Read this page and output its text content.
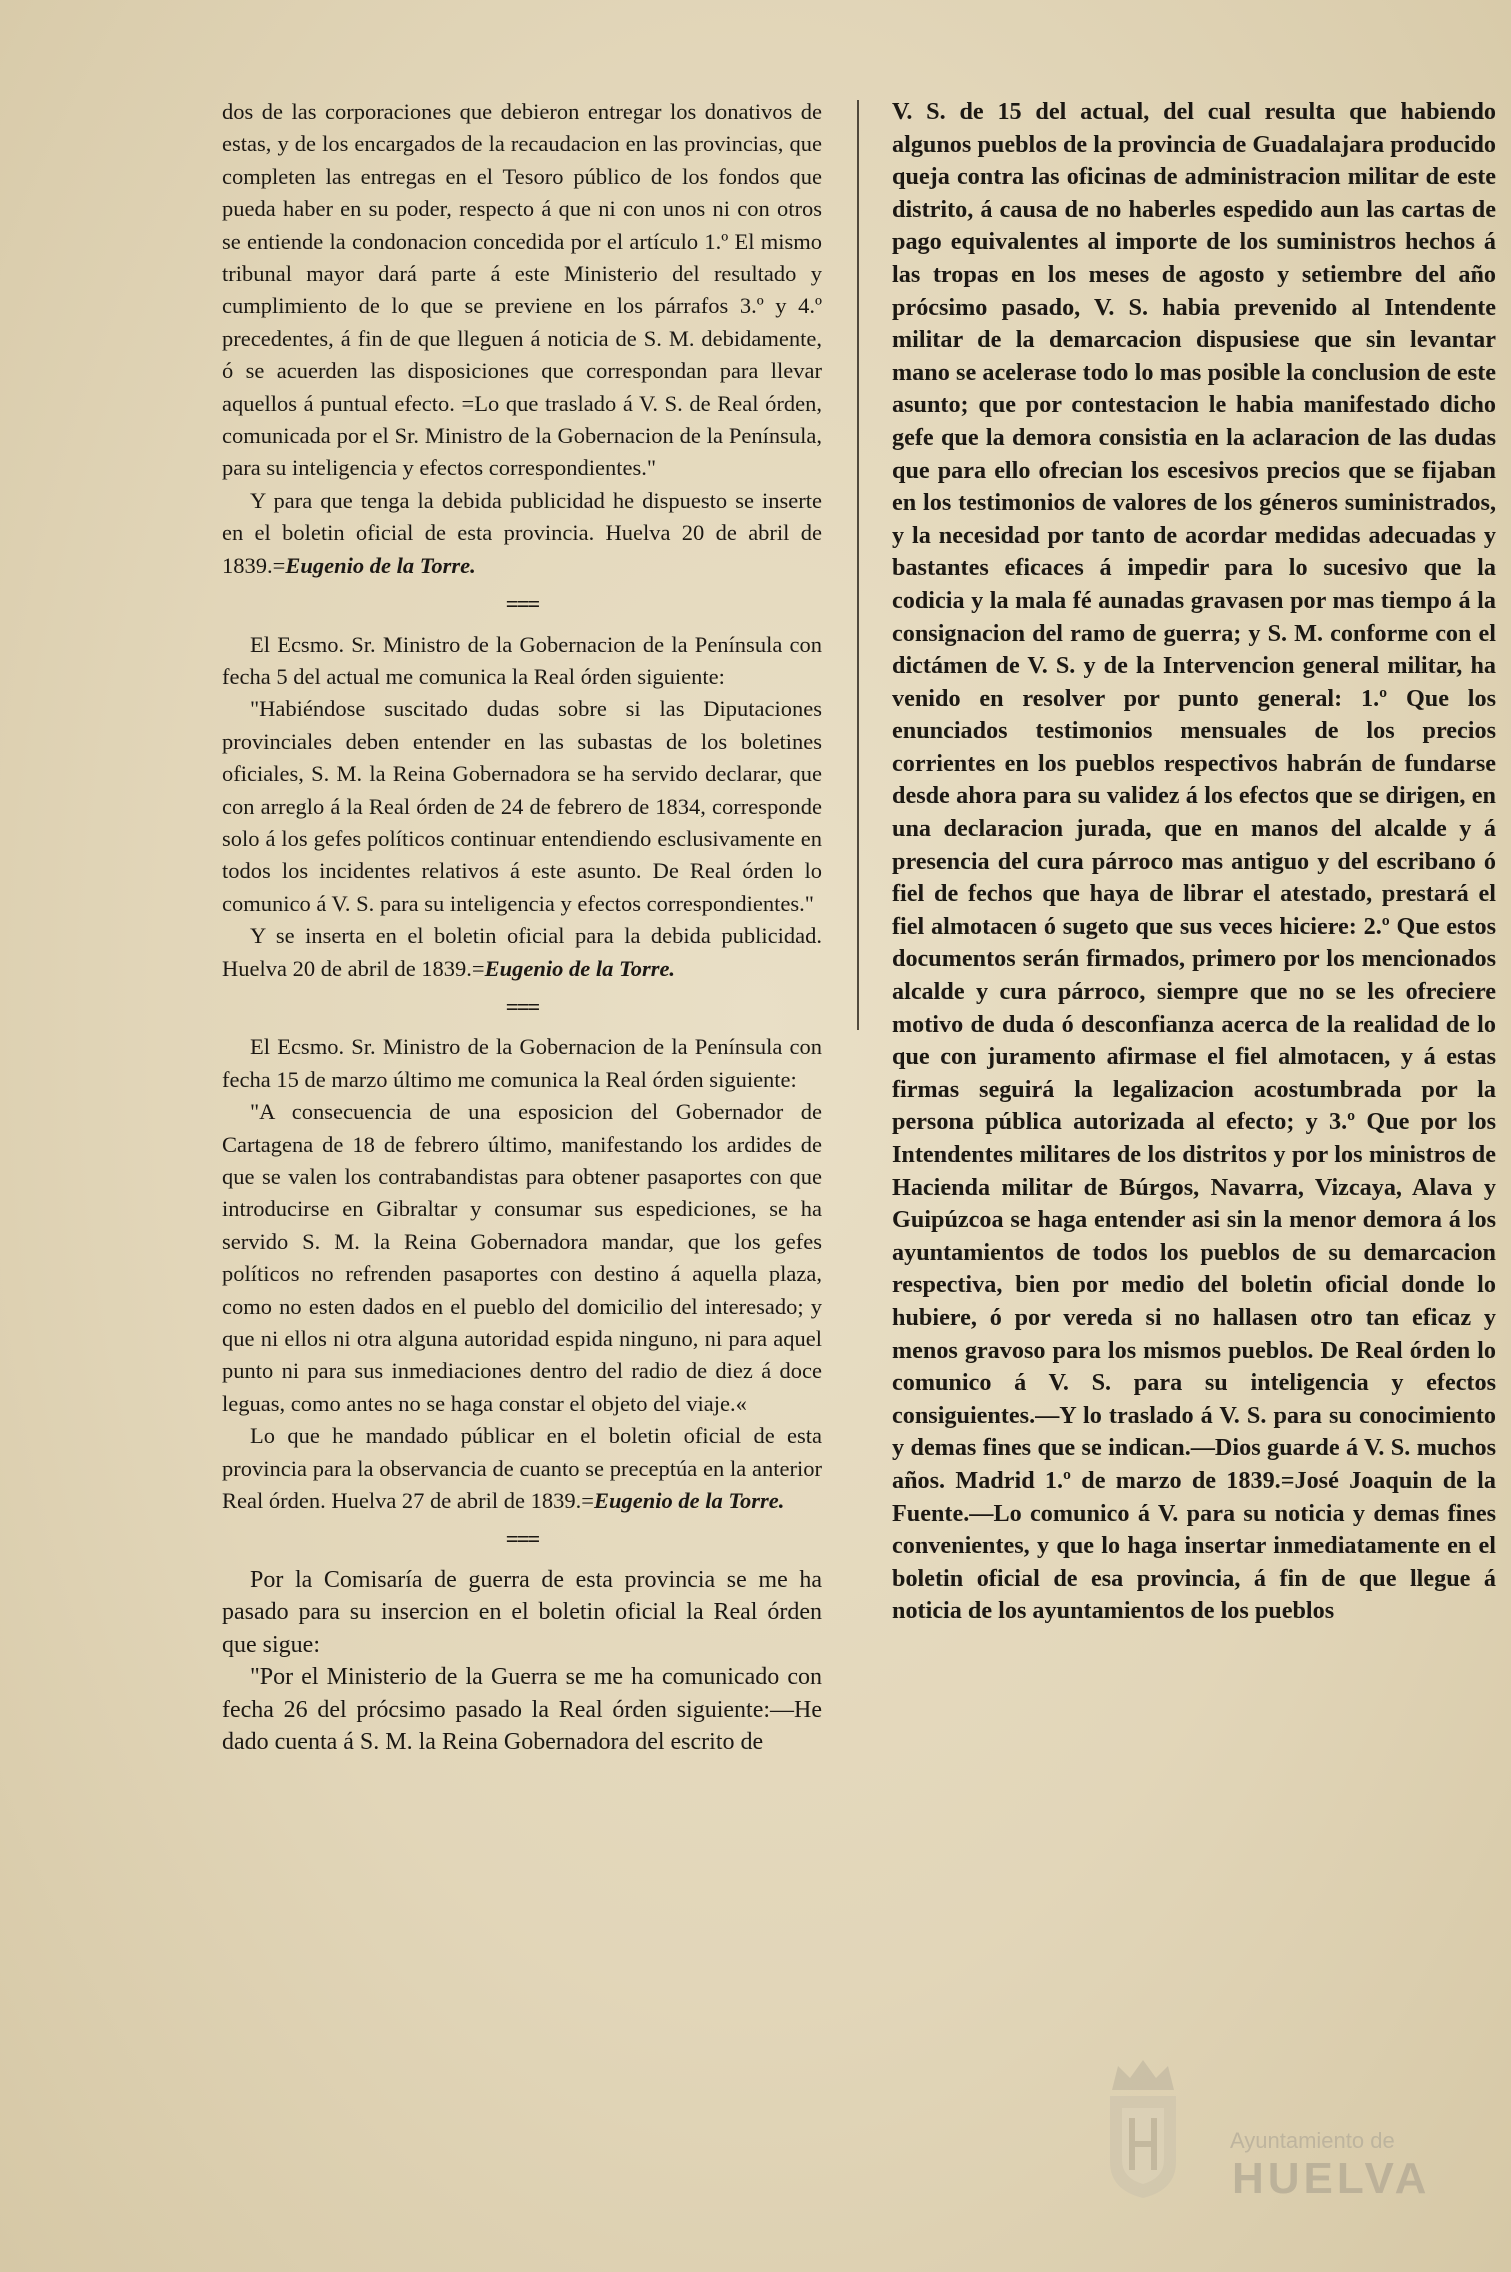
dos de las corporaciones que debieron entregar los donativos de estas, y de los encargados de la recaudacion en las provincias, que completen las entregas en el Tesoro público de los fondos que pueda haber en su poder, respecto á que ni con unos ni con otros se entiende la condonacion concedida por el artículo 1.º El mismo tribunal mayor dará parte á este Ministerio del resultado y cumplimiento de lo que se previene en los párrafos 3.º y 4.º precedentes, á fin de que lleguen á noticia de S. M. debidamente, ó se acuerden las disposiciones que correspondan para llevar aquellos á puntual efecto. =Lo que traslado á V. S. de Real órden, comunicada por el Sr. Ministro de la Gobernacion de la Península, para su inteligencia y efectos correspondientes."

Y para que tenga la debida publicidad he dispuesto se inserte en el boletin oficial de esta provincia. Huelva 20 de abril de 1839.=Eugenio de la Torre.

===

El Ecsmo. Sr. Ministro de la Gobernacion de la Península con fecha 5 del actual me comunica la Real órden siguiente:

"Habiéndose suscitado dudas sobre si las Diputaciones provinciales deben entender en las subastas de los boletines oficiales, S. M. la Reina Gobernadora se ha servido declarar, que con arreglo á la Real órden de 24 de febrero de 1834, corresponde solo á los gefes políticos continuar entendiendo esclusivamente en todos los incidentes relativos á este asunto. De Real órden lo comunico á V. S. para su inteligencia y efectos correspondientes."

Y se inserta en el boletin oficial para la debida publicidad. Huelva 20 de abril de 1839.=Eugenio de la Torre.

===

El Ecsmo. Sr. Ministro de la Gobernacion de la Península con fecha 15 de marzo último me comunica la Real órden siguiente:

"A consecuencia de una esposicion del Gobernador de Cartagena de 18 de febrero último, manifestando los ardides de que se valen los contrabandistas para obtener pasaportes con que introducirse en Gibraltar y consumar sus espediciones, se ha servido S. M. la Reina Gobernadora mandar, que los gefes políticos no refrenden pasaportes con destino á aquella plaza, como no esten dados en el pueblo del domicilio del interesado; y que ni ellos ni otra alguna autoridad espida ninguno, ni para aquel punto ni para sus inmediaciones dentro del radio de diez á doce leguas, como antes no se haga constar el objeto del viaje.«

Lo que he mandado públicar en el boletin oficial de esta provincia para la observancia de cuanto se preceptúa en la anterior Real órden. Huelva 27 de abril de 1839.=Eugenio de la Torre.

===

Por la Comisaría de guerra de esta provincia se me ha pasado para su insercion en el boletin oficial la Real órden que sigue:

"Por el Ministerio de la Guerra se me ha comunicado con fecha 26 del prócsimo pasado la Real órden siguiente:—He dado cuenta á S. M. la Reina Gobernadora del escrito de

V. S. de 15 del actual, del cual resulta que habiendo algunos pueblos de la provincia de Guadalajara producido queja contra las oficinas de administracion militar de este distrito, á causa de no haberles espedido aun las cartas de pago equivalentes al importe de los suministros hechos á las tropas en los meses de agosto y setiembre del año prócsimo pasado, V. S. habia prevenido al Intendente militar de la demarcacion dispusiese que sin levantar mano se acelerase todo lo mas posible la conclusion de este asunto; que por contestacion le habia manifestado dicho gefe que la demora consistia en la aclaracion de las dudas que para ello ofrecian los escesivos precios que se fijaban en los testimonios de valores de los géneros suministrados, y la necesidad por tanto de acordar medidas adecuadas y bastantes eficaces á impedir para lo sucesivo que la codicia y la mala fé aunadas gravasen por mas tiempo á la consignacion del ramo de guerra; y S. M. conforme con el dictámen de V. S. y de la Intervencion general militar, ha venido en resolver por punto general: 1.º Que los enunciados testimonios mensuales de los precios corrientes en los pueblos respectivos habrán de fundarse desde ahora para su validez á los efectos que se dirigen, en una declaracion jurada, que en manos del alcalde y á presencia del cura párroco mas antiguo y del escribano ó fiel de fechos que haya de librar el atestado, prestará el fiel almotacen ó sugeto que sus veces hiciere: 2.º Que estos documentos serán firmados, primero por los mencionados alcalde y cura párroco, siempre que no se les ofreciere motivo de duda ó desconfianza acerca de la realidad de lo que con juramento afirmase el fiel almotacen, y á estas firmas seguirá la legalizacion acostumbrada por la persona pública autorizada al efecto; y 3.º Que por los Intendentes militares de los distritos y por los ministros de Hacienda militar de Búrgos, Navarra, Vizcaya, Alava y Guipúzcoa se haga entender asi sin la menor demora á los ayuntamientos de todos los pueblos de su demarcacion respectiva, bien por medio del boletin oficial donde lo hubiere, ó por vereda si no hallasen otro tan eficaz y menos gravoso para los mismos pueblos. De Real órden lo comunico á V. S. para su inteligencia y efectos consiguientes.—Y lo traslado á V. S. para su conocimiento y demas fines que se indican.—Dios guarde á V. S. muchos años. Madrid 1.º de marzo de 1839.=José Joaquin de la Fuente.—Lo comunico á V. para su noticia y demas fines convenientes, y que lo haga insertar inmediatamente en el boletin oficial de esa provincia, á fin de que llegue á noticia de los ayuntamientos de los pueblos

Ayuntamiento de
HUELVA
